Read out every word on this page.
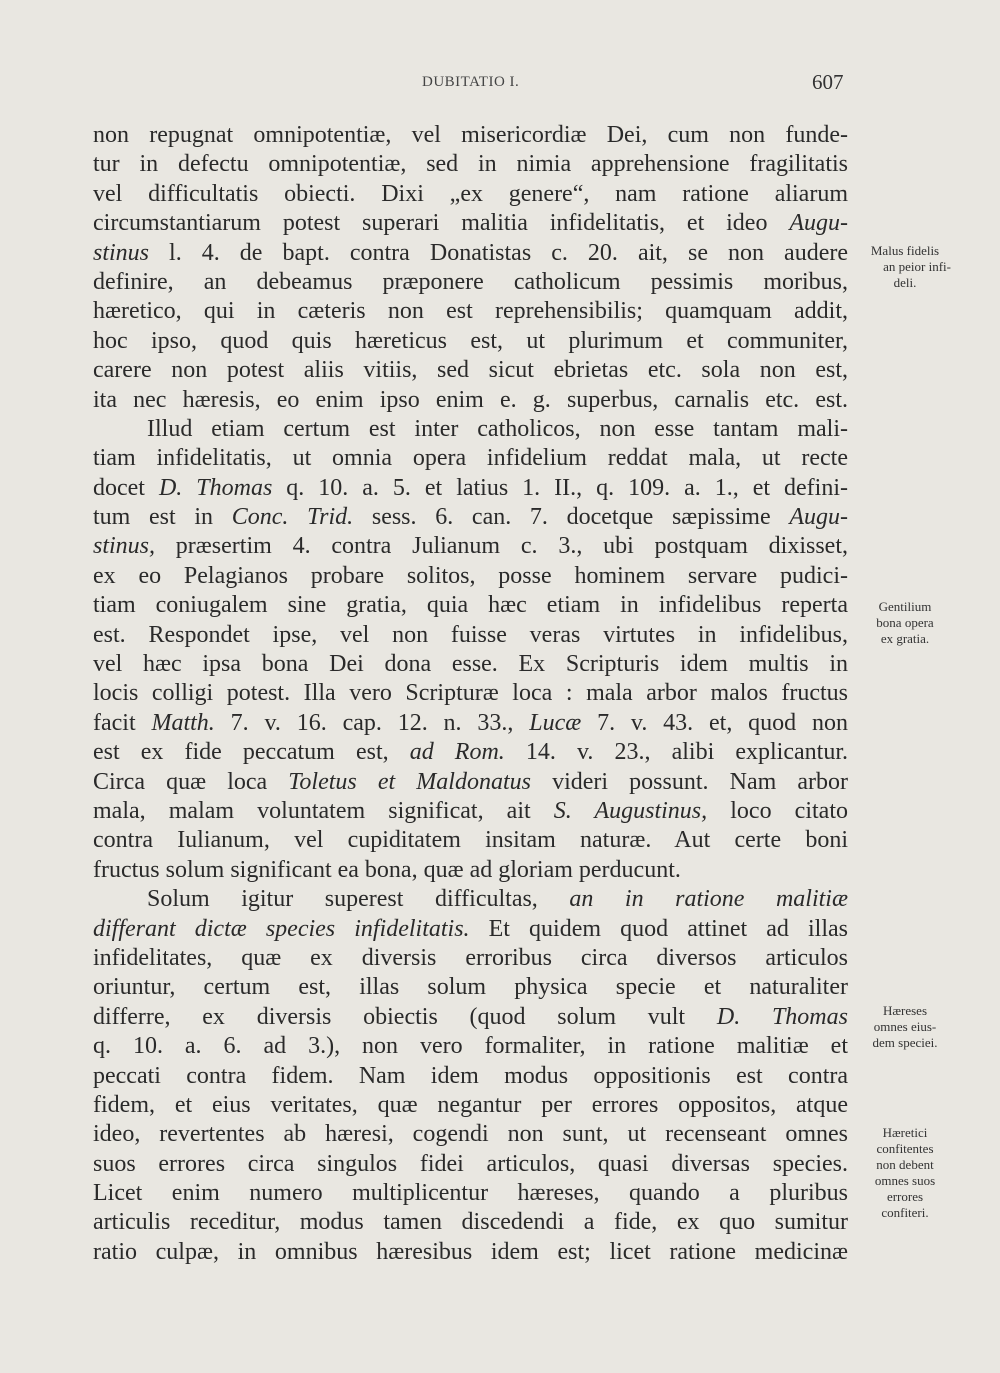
DUBITATIO I.	607
non repugnat omnipotentiæ, vel misericordiæ Dei, cum non funde-
tur in defectu omnipotentiæ, sed in nimia apprehensione fragilitatis
vel difficultatis obiecti. Dixi „ex genere“, nam ratione aliarum
circumstantiarum potest superari malitia infidelitatis, et ideo Augu-
stinus l. 4. de bapt. contra Donatistas c. 20. ait, se non audere
definire, an debeamus præponere catholicum pessimis moribus,
hæretico, qui in cæteris non est reprehensibilis; quamquam addit,
hoc ipso, quod quis hæreticus est, ut plurimum et communiter,
carere non potest aliis vitiis, sed sicut ebrietas etc. sola non est,
ita nec hæresis, eo enim ipso enim e. g. superbus, carnalis etc. est.
Illud etiam certum est inter catholicos, non esse tantam mali-
tiam infidelitatis, ut omnia opera infidelium reddat mala, ut recte
docet D. Thomas q. 10. a. 5. et latius 1. II., q. 109. a. 1., et defini-
tum est in Conc. Trid. sess. 6. can. 7. docetque sæpissime Augu-
stinus, præsertim 4. contra Julianum c. 3., ubi postquam dixisset,
ex eo Pelagianos probare solitos, posse hominem servare pudici-
tiam coniugalem sine gratia, quia hæc etiam in infidelibus reperta
est. Respondet ipse, vel non fuisse veras virtutes in infidelibus,
vel hæc ipsa bona Dei dona esse. Ex Scripturis idem multis in
locis colligi potest. Illa vero Scripturæ loca : mala arbor malos fructus
facit Matth. 7. v. 16. cap. 12. n. 33., Lucæ 7. v. 43. et, quod non
est ex fide peccatum est, ad Rom. 14. v. 23., alibi explicantur.
Circa quæ loca Toletus et Maldonatus videri possunt. Nam arbor
mala, malam voluntatem significat, ait S. Augustinus, loco citato
contra Iulianum, vel cupiditatem insitam naturæ. Aut certe boni
fructus solum significant ea bona, quæ ad gloriam perducunt.
Solum igitur superest difficultas, an in ratione malitiæ
differant dictæ species infidelitatis. Et quidem quod attinet ad illas
infidelitates, quæ ex diversis erroribus circa diversos articulos
oriuntur, certum est, illas solum physica specie et naturaliter
differre, ex diversis obiectis (quod solum vult D. Thomas
q. 10. a. 6. ad 3.), non vero formaliter, in ratione malitiæ et
peccati contra fidem. Nam idem modus oppositionis est contra
fidem, et eius veritates, quæ negantur per errores oppositos, atque
ideo, revertentes ab hæresi, cogendi non sunt, ut recenseant omnes
suos errores circa singulos fidei articulos, quasi diversas species.
Licet enim numero multiplicentur hæreses, quando a pluribus
articulis receditur, modus tamen discedendi a fide, ex quo sumitur
ratio culpæ, in omnibus hæresibus idem est; licet ratione medicinæ
Malus fidelis
an peior infi-
deli.
Gentilium
bona opera
ex gratia.
Hæreses
omnes eius-
dem speciei.
Hæretici
confitentes
non debent
omnes suos
errores
confiteri.
